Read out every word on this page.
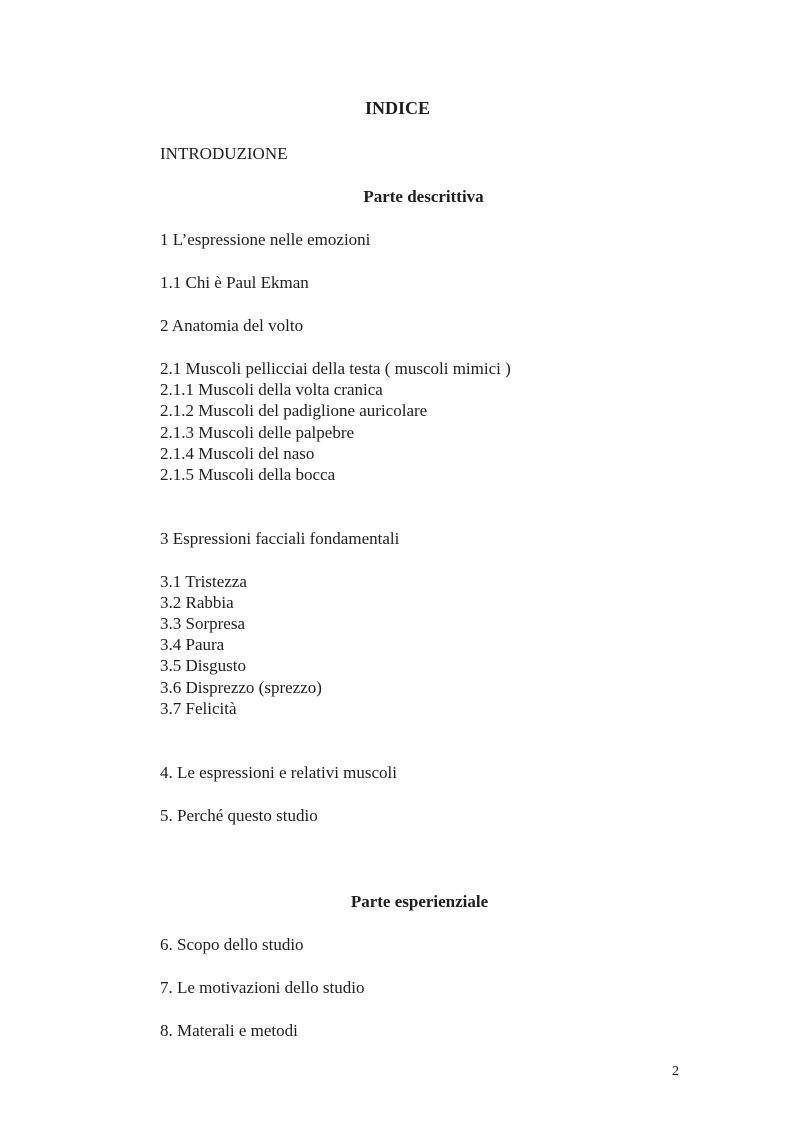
INDICE
INTRODUZIONE
Parte descrittiva
1 L’espressione nelle emozioni
1.1 Chi è Paul Ekman
2 Anatomia del volto
2.1 Muscoli pellicciai della testa ( muscoli mimici )
2.1.1 Muscoli della volta cranica
2.1.2 Muscoli del padiglione auricolare
2.1.3 Muscoli delle palpebre
2.1.4 Muscoli del naso
2.1.5 Muscoli della bocca
3 Espressioni facciali fondamentali
3.1 Tristezza
3.2 Rabbia
3.3 Sorpresa
3.4 Paura
3.5 Disgusto
3.6 Disprezzo (sprezzo)
3.7 Felicità
4. Le espressioni e relativi muscoli
5. Perché questo studio
Parte esperienziale
6. Scopo dello studio
7. Le motivazioni dello studio
8. Materali e metodi
2
